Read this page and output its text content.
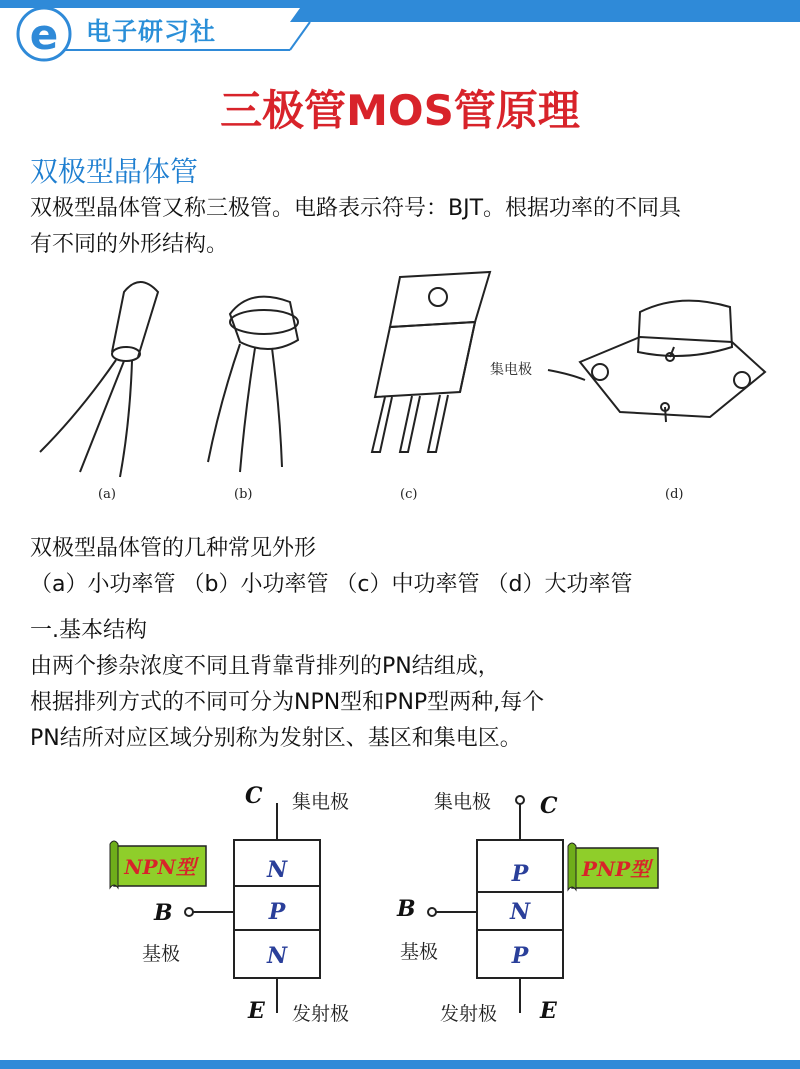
e 电子研习社
三极管MOS管原理
双极型晶体管
双极型晶体管又称三极管。电路表示符号：BJT。根据功率的不同具
有不同的外形结构。
集电极
(a)	(b)	(c)	(d)
双极型晶体管的几种常见外形
（a）小功率管 （b）小功率管 （c）中功率管 （d）大功率管
一.基本结构
由两个掺杂浓度不同且背靠背排列的PN结组成，
根据排列方式的不同可分为NPN型和PNP型两种,每个
PN结所对应区域分别称为发射区、基区和集电区。
N
P
N
C 集电极
B
基极
E 发射极
NPN型	P
N
P
C
集电极
B
基极
E
发射极
PNP型
